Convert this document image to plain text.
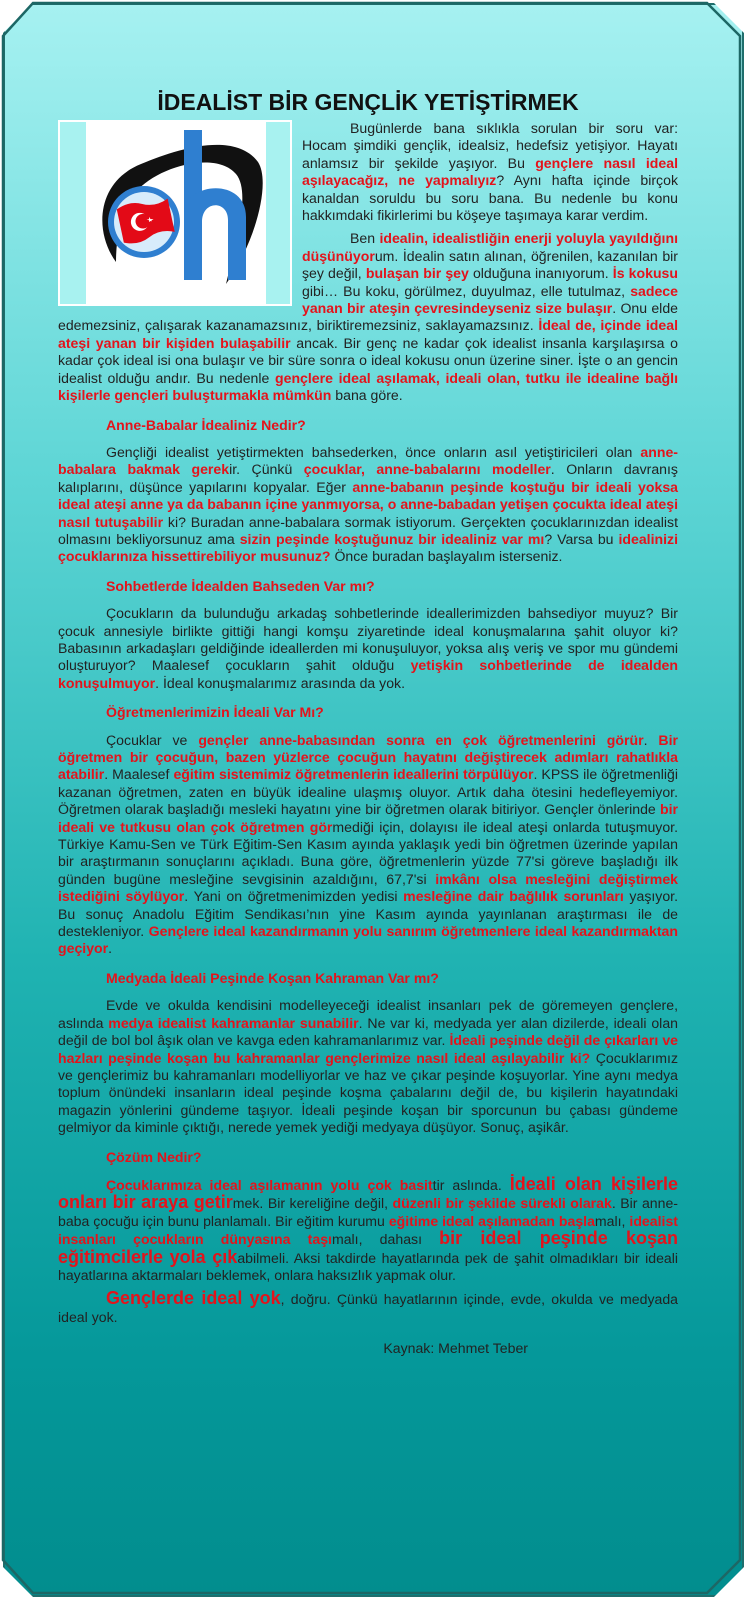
İDEALİST BİR GENÇLİK YETİŞTİRMEK

Bugünlerde bana sıklıkla sorulan bir soru var: Hocam şimdiki gençlik, idealsiz, hedefsiz yetişiyor. Hayatı anlamsız bir şekilde yaşıyor. Bu gençlere nasıl ideal aşılayacağız, ne yapmalıyız? Aynı hafta içinde birçok kanaldan soruldu bu soru bana. Bu nedenle bu konu hakkımdaki fikirlerimi bu köşeye taşımaya karar verdim.

Ben idealin, idealistliğin enerji yoluyla yayıldığını düşünüyorum. İdealin satın alınan, öğrenilen, kazanılan bir şey değil, bulaşan bir şey olduğuna inanıyorum. İs kokusu gibi… Bu koku, görülmez, duyulmaz, elle tutulmaz, sadece yanan bir ateşin çevresindeyseniz size bulaşır. Onu elde edemezsiniz, çalışarak kazanamazsınız, biriktiremezsiniz, saklayamazsınız. İdeal de, içinde ideal ateşi yanan bir kişiden bulaşabilir ancak. Bir genç ne kadar çok idealist insanla karşılaşırsa o kadar çok ideal isi ona bulaşır ve bir süre sonra o ideal kokusu onun üzerine siner. İşte o an gencin idealist olduğu andır. Bu nedenle gençlere ideal aşılamak, ideali olan, tutku ile idealine bağlı kişilerle gençleri buluşturmakla mümkün bana göre.

Anne-Babalar İdealiniz Nedir?

Gençliği idealist yetiştirmekten bahsederken, önce onların asıl yetiştiricileri olan anne-babalara bakmak gerekir. Çünkü çocuklar, anne-babalarını modeller. Onların davranış kalıplarını, düşünce yapılarını kopyalar. Eğer anne-babanın peşinde koştuğu bir ideali yoksa ideal ateşi anne ya da babanın içine yanmıyorsa, o anne-babadan yetişen çocukta ideal ateşi nasıl tutuşabilir ki? Buradan anne-babalara sormak istiyorum. Gerçekten çocuklarınızdan idealist olmasını bekliyorsunuz ama sizin peşinde koştuğunuz bir idealiniz var mı? Varsa bu idealinizi çocuklarınıza hissettirebiliyor musunuz? Önce buradan başlayalım isterseniz.

Sohbetlerde İdealden Bahseden Var mı?

Çocukların da bulunduğu arkadaş sohbetlerinde ideallerimizden bahsediyor muyuz? Bir çocuk annesiyle birlikte gittiği hangi komşu ziyaretinde ideal konuşmalarına şahit oluyor ki? Babasının arkadaşları geldiğinde ideallerden mi konuşuluyor, yoksa alış veriş ve spor mu gündemi oluşturuyor? Maalesef çocukların şahit olduğu yetişkin sohbetlerinde de idealden konuşulmuyor. İdeal konuşmalarımız arasında da yok.

Öğretmenlerimizin İdeali Var Mı?

Çocuklar ve gençler anne-babasından sonra en çok öğretmenlerini görür. Bir öğretmen bir çocuğun, bazen yüzlerce çocuğun hayatını değiştirecek adımları rahatlıkla atabilir. Maalesef eğitim sistemimiz öğretmenlerin ideallerini törpülüyor. KPSS ile öğretmenliği kazanan öğretmen, zaten en büyük idealine ulaşmış oluyor. Artık daha ötesini hedefleyemiyor. Öğretmen olarak başladığı mesleki hayatını yine bir öğretmen olarak bitiriyor. Gençler önlerinde bir ideali ve tutkusu olan çok öğretmen görmediği için, dolayısı ile ideal ateşi onlarda tutuşmuyor. Türkiye Kamu-Sen ve Türk Eğitim-Sen Kasım ayında yaklaşık yedi bin öğretmen üzerinde yapılan bir araştırmanın sonuçlarını açıkladı. Buna göre, öğretmenlerin yüzde 77'si göreve başladığı ilk günden bugüne mesleğine sevgisinin azaldığını, 67,7'si imkânı olsa mesleğini değiştirmek istediğini söylüyor. Yani on öğretmenimizden yedisi mesleğine dair bağlılık sorunları yaşıyor. Bu sonuç Anadolu Eğitim Sendikası’nın yine Kasım ayında yayınlanan araştırması ile de destekleniyor. Gençlere ideal kazandırmanın yolu sanırım öğretmenlere ideal kazandırmaktan geçiyor.

Medyada İdeali Peşinde Koşan Kahraman Var mı?

Evde ve okulda kendisini modelleyeceği idealist insanları pek de göremeyen gençlere, aslında medya idealist kahramanlar sunabilir. Ne var ki, medyada yer alan dizilerde, ideali olan değil de bol bol âşık olan ve kavga eden kahramanlarımız var. İdeali peşinde değil de çıkarları ve hazları peşinde koşan bu kahramanlar gençlerimize nasıl ideal aşılayabilir ki? Çocuklarımız ve gençlerimiz bu kahramanları modelliyorlar ve haz ve çıkar peşinde koşuyorlar. Yine aynı medya toplum önündeki insanların ideal peşinde koşma çabalarını değil de, bu kişilerin hayatındaki magazin yönlerini gündeme taşıyor. İdeali peşinde koşan bir sporcunun bu çabası gündeme gelmiyor da kiminle çıktığı, nerede yemek yediği medyaya düşüyor. Sonuç, aşikâr.

Çözüm Nedir?

Çocuklarımıza ideal aşılamanın yolu çok basittir aslında. İdeali olan kişilerle onları bir araya getirmek. Bir kereliğine değil, düzenli bir şekilde sürekli olarak. Bir anne-baba çocuğu için bunu planlamalı. Bir eğitim kurumu eğitime ideal aşılamadan başlamalı, idealist insanları çocukların dünyasına taşımalı, dahası bir ideal peşinde koşan eğitimcilerle yola çıkabilmeli. Aksi takdirde hayatlarında pek de şahit olmadıkları bir ideali hayatlarına aktarmaları beklemek, onlara haksızlık yapmak olur.

Gençlerde ideal yok, doğru. Çünkü hayatlarının içinde, evde, okulda ve medyada ideal yok.

Kaynak: Mehmet Teber
